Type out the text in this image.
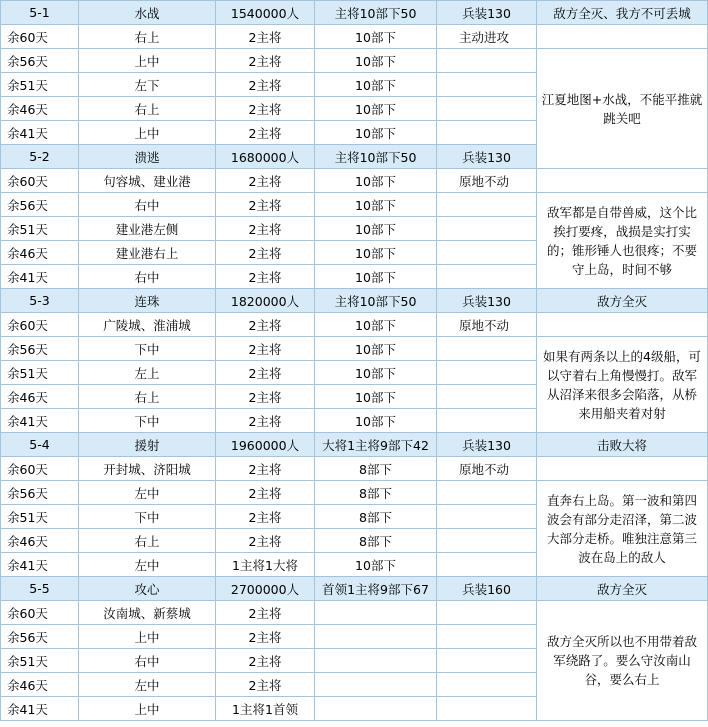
5-1	水战	1540000人	主将10部下50	兵装130	敌方全灭、我方不可丢城	
余60天	右上	2主将	10部下	主动进攻		
余56天	上中	2主将	10部下		江夏地图+水战，不能平推就跳关吧	
余51天	左下	2主将	10部下			
余46天	右上	2主将	10部下			
余41天	上中	2主将	10部下			
5-2	溃逃	1680000人	主将10部下50	兵装130	
余60天	句容城、建业港	2主将	10部下	原地不动		
余56天	右中	2主将	10部下		敌军都是自带兽威，这个比挨打要疼，战损是实打实的；锥形锤人也很疼；不要守上岛，时间不够	
余51天	建业港左侧	2主将	10部下			
余46天	建业港右上	2主将	10部下			
余41天	右中	2主将	10部下			
5-3	连珠	1820000人	主将10部下50	兵装130	敌方全灭	
余60天	广陵城、淮浦城	2主将	10部下	原地不动		
余56天	下中	2主将	10部下		如果有两条以上的4级船，可以守着右上角慢慢打。敌军从沼泽来很多会陷落，从桥来用船夹着对射	
余51天	左上	2主将	10部下			
余46天	右上	2主将	10部下			
余41天	下中	2主将	10部下			
5-4	援射	1960000人	大将1主将9部下42	兵装130	击败大将	
余60天	开封城、济阳城	2主将	8部下	原地不动		
余56天	左中	2主将	8部下		直奔右上岛。第一波和第四波会有部分走沼泽，第二波大部分走桥。唯独注意第三波在岛上的敌人	
余51天	下中	2主将	8部下			
余46天	右上	2主将	8部下			
余41天	左中	1主将1大将	10部下			
5-5	攻心	2700000人	首领1主将9部下67	兵装160	敌方全灭	
余60天	汝南城、新蔡城	2主将			敌方全灭所以也不用带着敌军绕路了。要么守汝南山谷，要么右上	
余56天	上中	2主将				
余51天	右中	2主将				
余46天	左中	2主将				
余41天	上中	1主将1首领				
